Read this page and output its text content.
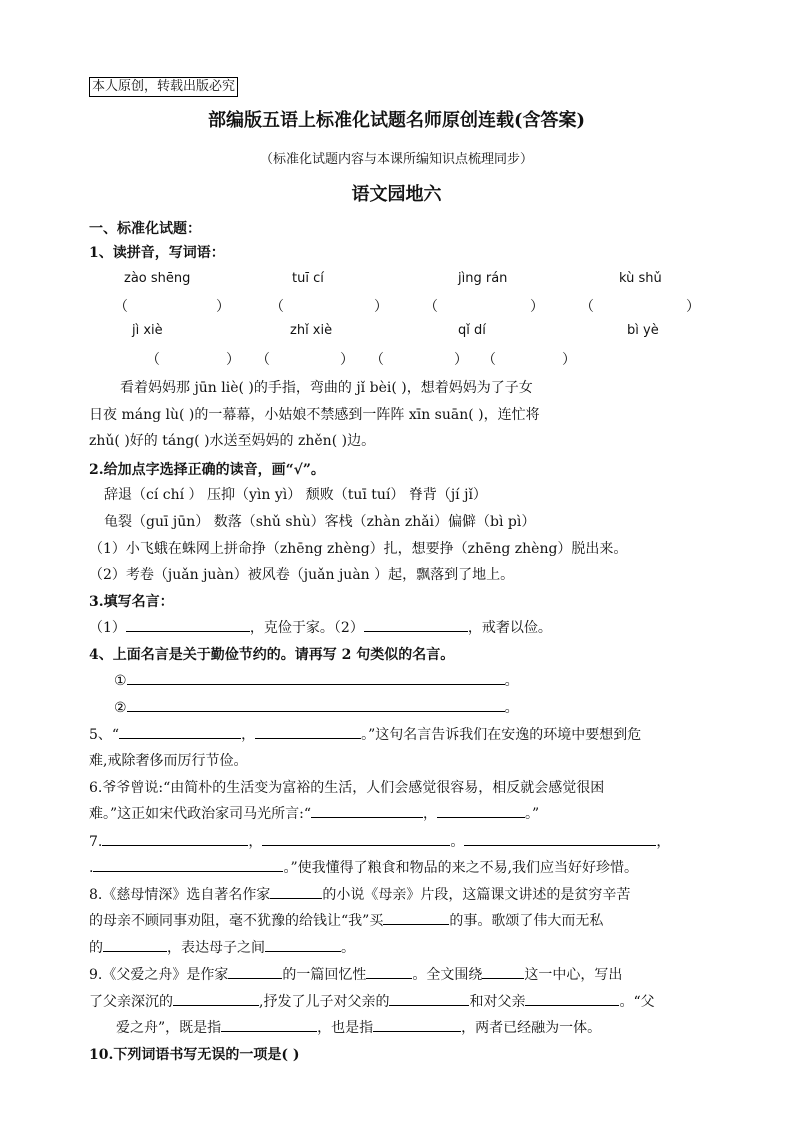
本人原创，转载出版必究
部编版五语上标准化试题名师原创连载(含答案)
（标准化试题内容与本课所编知识点梳理同步）
语文园地六
一、标准化试题：
1、读拼音，写词语：
zào shēng	tuī cí	jìng rán	kù shǔ
（	）	（	）	（	）	（	）
jì xiè	zhǐ xiè	qǐ dí	bì yè
（	） （	） （	） （	）
看着妈妈那 jūn liè( )的手指，弯曲的 jǐ bèi( )，想着妈妈为了子女
日夜 máng lù( )的一幕幕，小姑娘不禁感到一阵阵 xīn suān( )，连忙将
zhǔ( )好的 táng( )水送至妈妈的 zhěn( )边。
2.给加点字选择正确的读音，画“√”。
辞退（cí chí ） 压抑（yìn yì） 颓败（tuī tuí） 脊背（jí jǐ）
龟裂（guī jūn） 数落（shǔ shù）客栈（zhàn zhǎi）偏僻（bì pì）
（1）小飞蛾在蛛网上拼命挣（zhēng zhèng）扎，想要挣（zhēng zhèng）脱出来。
（2）考卷（juǎn juàn）被风卷（juǎn juàn ）起，飘落到了地上。
3.填写名言：
（1）	，克俭于家。（2）	，戒奢以俭。
4、上面名言是关于勤俭节约的。请再写 2 句类似的名言。
①	。
②	。
5、“	，	。”这句名言告诉我们在安逸的环境中要想到危
难,戒除奢侈而厉行节俭。
6.爷爷曾说:“由简朴的生活变为富裕的生活，人们会感觉很容易，相反就会感觉很困
难。”这正如宋代政治家司马光所言:“	，	。”
7.	，	。	，
.	。”使我懂得了粮食和物品的来之不易,我们应当好好珍惜。
8.《慈母情深》选自著名作家	的小说《母亲》片段，这篇课文讲述的是贫穷辛苦
的母亲不顾同事劝阻，毫不犹豫的给钱让“我”买	的事。歌颂了伟大而无私
的	，表达母子之间	。
9.《父爱之舟》是作家	的一篇回忆性	。全文围绕	这一中心，写出
了父亲深沉的	,抒发了儿子对父亲的	和对父亲	。“父
爱之舟”，既是指	，也是指	，两者已经融为一体。
10.下列词语书写无误的一项是( )
